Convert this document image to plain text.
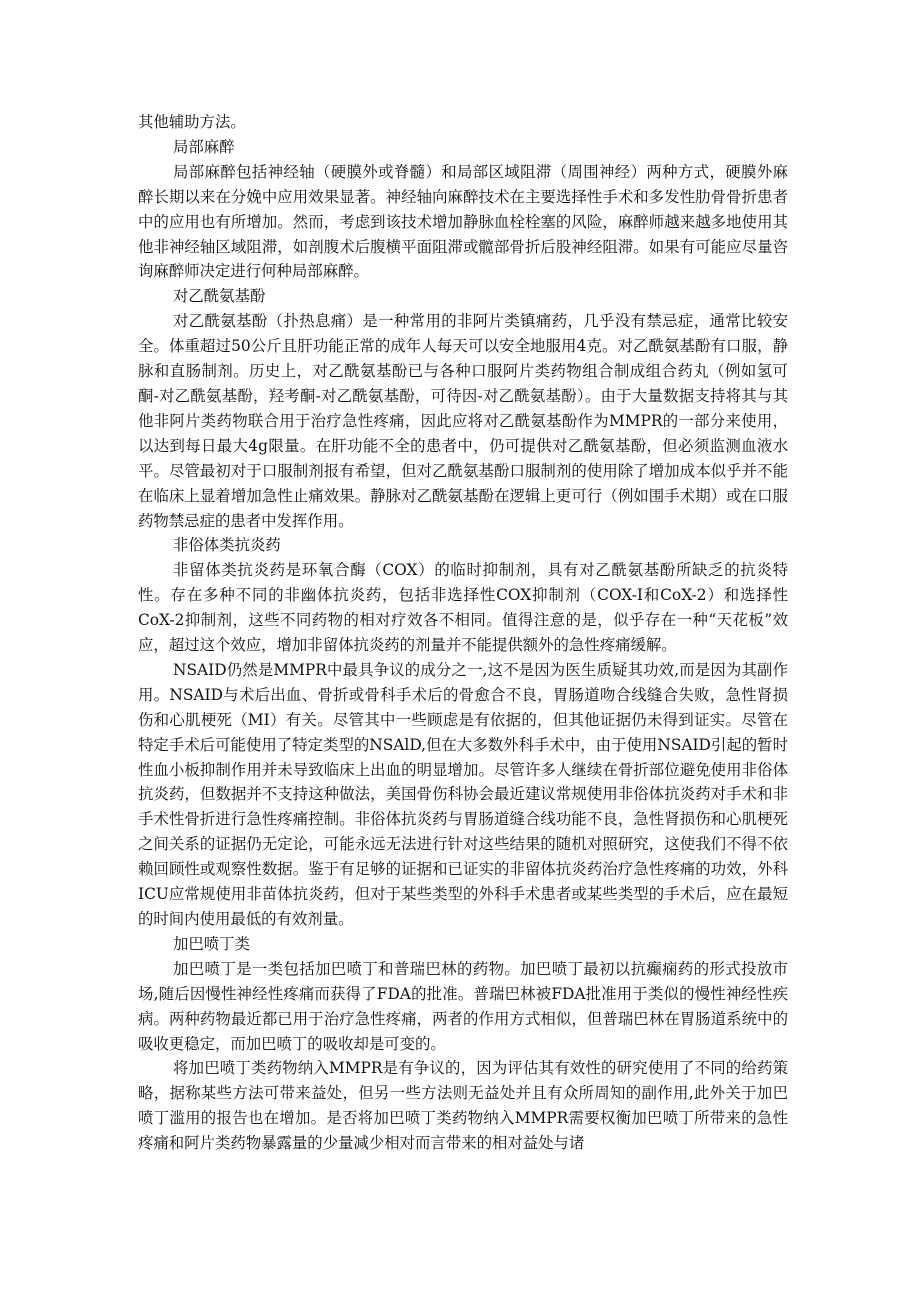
其他辅助方法。

局部麻醉

局部麻醉包括神经轴（硬膜外或脊髓）和局部区域阻滞（周围神经）两种方式，硬膜外麻醉长期以来在分娩中应用效果显著。神经轴向麻醉技术在主要选择性手术和多发性肋骨骨折患者中的应用也有所增加。然而，考虑到该技术增加静脉血栓栓塞的风险，麻醉师越来越多地使用其他非神经轴区域阻滞，如剖腹术后腹横平面阻滞或髋部骨折后股神经阻滞。如果有可能应尽量咨询麻醉师决定进行何种局部麻醉。

对乙酰氨基酚

对乙酰氨基酚（扑热息痛）是一种常用的非阿片类镇痛药，几乎没有禁忌症，通常比较安全。体重超过50公斤且肝功能正常的成年人每天可以安全地服用4克。对乙酰氨基酚有口服，静脉和直肠制剂。历史上，对乙酰氨基酚已与各种口服阿片类药物组合制成组合药丸（例如氢可酮-对乙酰氨基酚，羟考酮-对乙酰氨基酚，可待因-对乙酰氨基酚）。由于大量数据支持将其与其他非阿片类药物联合用于治疗急性疼痛，因此应将对乙酰氨基酚作为MMPR的一部分来使用，以达到每日最大4g限量。在肝功能不全的患者中，仍可提供对乙酰氨基酚，但必须监测血液水平。尽管最初对于口服制剂报有希望，但对乙酰氨基酚口服制剂的使用除了增加成本似乎并不能在临床上显着增加急性止痛效果。静脉对乙酰氨基酚在逻辑上更可行（例如围手术期）或在口服药物禁忌症的患者中发挥作用。

非俗体类抗炎药

非留体类抗炎药是环氧合酶（COX）的临时抑制剂，具有对乙酰氨基酚所缺乏的抗炎特性。存在多种不同的非幽体抗炎药，包括非选择性COX抑制剂（COX-I和CoX-2）和选择性CoX-2抑制剂，这些不同药物的相对疗效各不相同。值得注意的是，似乎存在一种“天花板”效应，超过这个效应，增加非留体抗炎药的剂量并不能提供额外的急性疼痛缓解。

NSAID仍然是MMPR中最具争议的成分之一,这不是因为医生质疑其功效,而是因为其副作用。NSAID与术后出血、骨折或骨科手术后的骨愈合不良，胃肠道吻合线缝合失败，急性肾损伤和心肌梗死（MI）有关。尽管其中一些顾虑是有依据的，但其他证据仍未得到证实。尽管在特定手术后可能使用了特定类型的NSAlD,但在大多数外科手术中，由于使用NSAID引起的暂时性血小板抑制作用并未导致临床上出血的明显增加。尽管许多人继续在骨折部位避免使用非俗体抗炎药，但数据并不支持这种做法，美国骨伤科协会最近建议常规使用非俗体抗炎药对手术和非手术性骨折进行急性疼痛控制。非俗体抗炎药与胃肠道缝合线功能不良，急性肾损伤和心肌梗死之间关系的证据仍无定论，可能永远无法进行针对这些结果的随机对照研究，这使我们不得不依赖回顾性或观察性数据。鉴于有足够的证据和已证实的非留体抗炎药治疗急性疼痛的功效，外科ICU应常规使用非苗体抗炎药，但对于某些类型的外科手术患者或某些类型的手术后，应在最短的时间内使用最低的有效剂量。

加巴喷丁类

加巴喷丁是一类包括加巴喷丁和普瑞巴林的药物。加巴喷丁最初以抗癫痫药的形式投放市场,随后因慢性神经性疼痛而获得了FDA的批准。普瑞巴林被FDA批准用于类似的慢性神经性疾病。两种药物最近都已用于治疗急性疼痛，两者的作用方式相似，但普瑞巴林在胃肠道系统中的吸收更稳定，而加巴喷丁的吸收却是可变的。

将加巴喷丁类药物纳入MMPR是有争议的，因为评估其有效性的研究使用了不同的给药策略，据称某些方法可带来益处，但另一些方法则无益处并且有众所周知的副作用,此外关于加巴喷丁滥用的报告也在增加。是否将加巴喷丁类药物纳入MMPR需要权衡加巴喷丁所带来的急性疼痛和阿片类药物暴露量的少量减少相对而言带来的相对益处与诸
